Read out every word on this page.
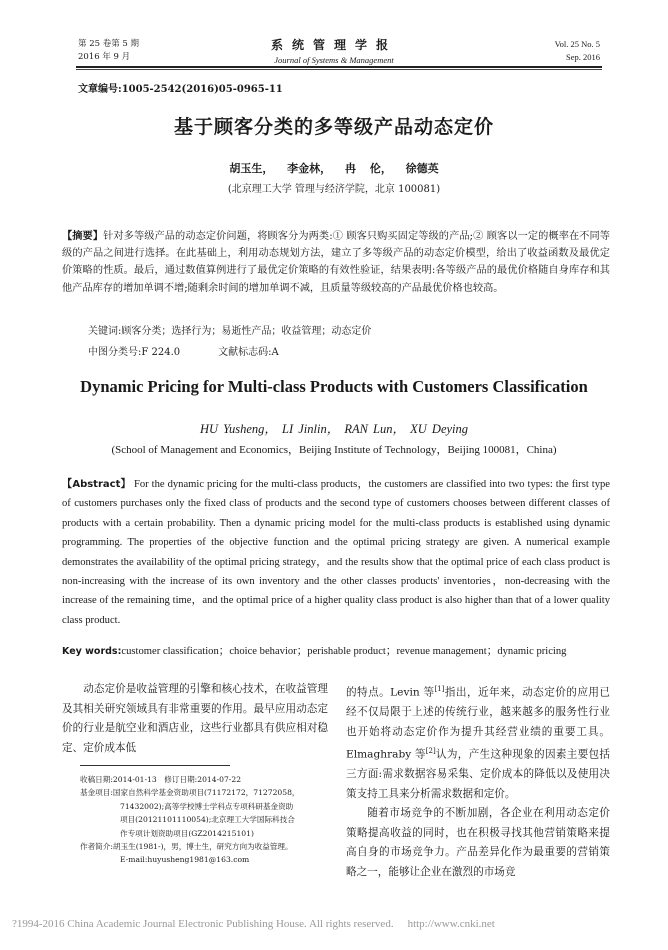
第 25 卷第 5 期
2016 年 9 月
系统管理学报
Journal of Systems & Management
Vol. 25 No. 5
Sep. 2016
文章编号:1005-2542(2016)05-0965-11
基于顾客分类的多等级产品动态定价
胡玉生， 李金林， 冉 伦， 徐德英
(北京理工大学 管理与经济学院，北京 100081)
【摘要】针对多等级产品的动态定价问题，将顾客分为两类:① 顾客只购买固定等级的产品;② 顾客以一定的概率在不同等级的产品之间进行选择。在此基础上，利用动态规划方法，建立了多等级产品的动态定价模型，给出了收益函数及最优定价策略的性质。最后，通过数值算例进行了最优定价策略的有效性验证，结果表明:各等级产品的最优价格随自身库存和其他产品库存的增加单调不增;随剩余时间的增加单调不减，且质量等级较高的产品最优价格也较高。
关键词:顾客分类；选择行为；易逝性产品；收益管理；动态定价
中图分类号:F 224.0	文献标志码:A
Dynamic Pricing for Multi-class Products with Customers Classification
HU Yusheng， LI Jinlin， RAN Lun， XU Deying
(School of Management and Economics，Beijing Institute of Technology，Beijing 100081，China)
【Abstract】 For the dynamic pricing for the multi-class products，the customers are classified into two types: the first type of customers purchases only the fixed class of products and the second type of customers chooses between different classes of products with a certain probability. Then a dynamic pricing model for the multi-class products is established using dynamic programming. The properties of the objective function and the optimal pricing strategy are given. A numerical example demonstrates the availability of the optimal pricing strategy，and the results show that the optimal price of each class product is non-increasing with the increase of its own inventory and the other classes products' inventories，non-decreasing with the increase of the remaining time，and the optimal price of a higher quality class product is also higher than that of a lower quality class product.
Key words:customer classification；choice behavior；perishable product；revenue management；dynamic pricing

动态定价是收益管理的引擎和核心技术，在收益管理及其相关研究领域具有非常重要的作用。最早应用动态定价的行业是航空业和酒店业，这些行业都具有供应相对稳定、定价成本低

的特点。Levin 等[1]指出，近年来，动态定价的应用已经不仅局限于上述的传统行业，越来越多的服务性行业也开始将动态定价作为提升其经营业绩的重要工具。Elmaghraby 等[2]认为，产生这种现象的因素主要包括三方面:需求数据容易采集、定价成本的降低以及使用决策支持工具来分析需求数据和定价。

随着市场竞争的不断加剧，各企业在利用动态定价策略提高收益的同时，也在积极寻找其他营销策略来提高自身的市场竞争力。产品差异化作为最重要的营销策略之一，能够让企业在激烈的市场竞

收稿日期:2014-01-13　修订日期:2014-07-22
基金项目:国家自然科学基金资助项目(71172172，71272058，
71432002);高等学校博士学科点专项科研基金资助
项目(20121101110054);北京理工大学国际科技合
作专项计划资助项目(GZ2014215101)
作者简介:胡玉生(1981-)，男，博士生，研究方向为收益管理。
E-mail:huyusheng1981@163.com
?1994-2016 China Academic Journal Electronic Publishing House. All rights reserved. http://www.cnki.net
